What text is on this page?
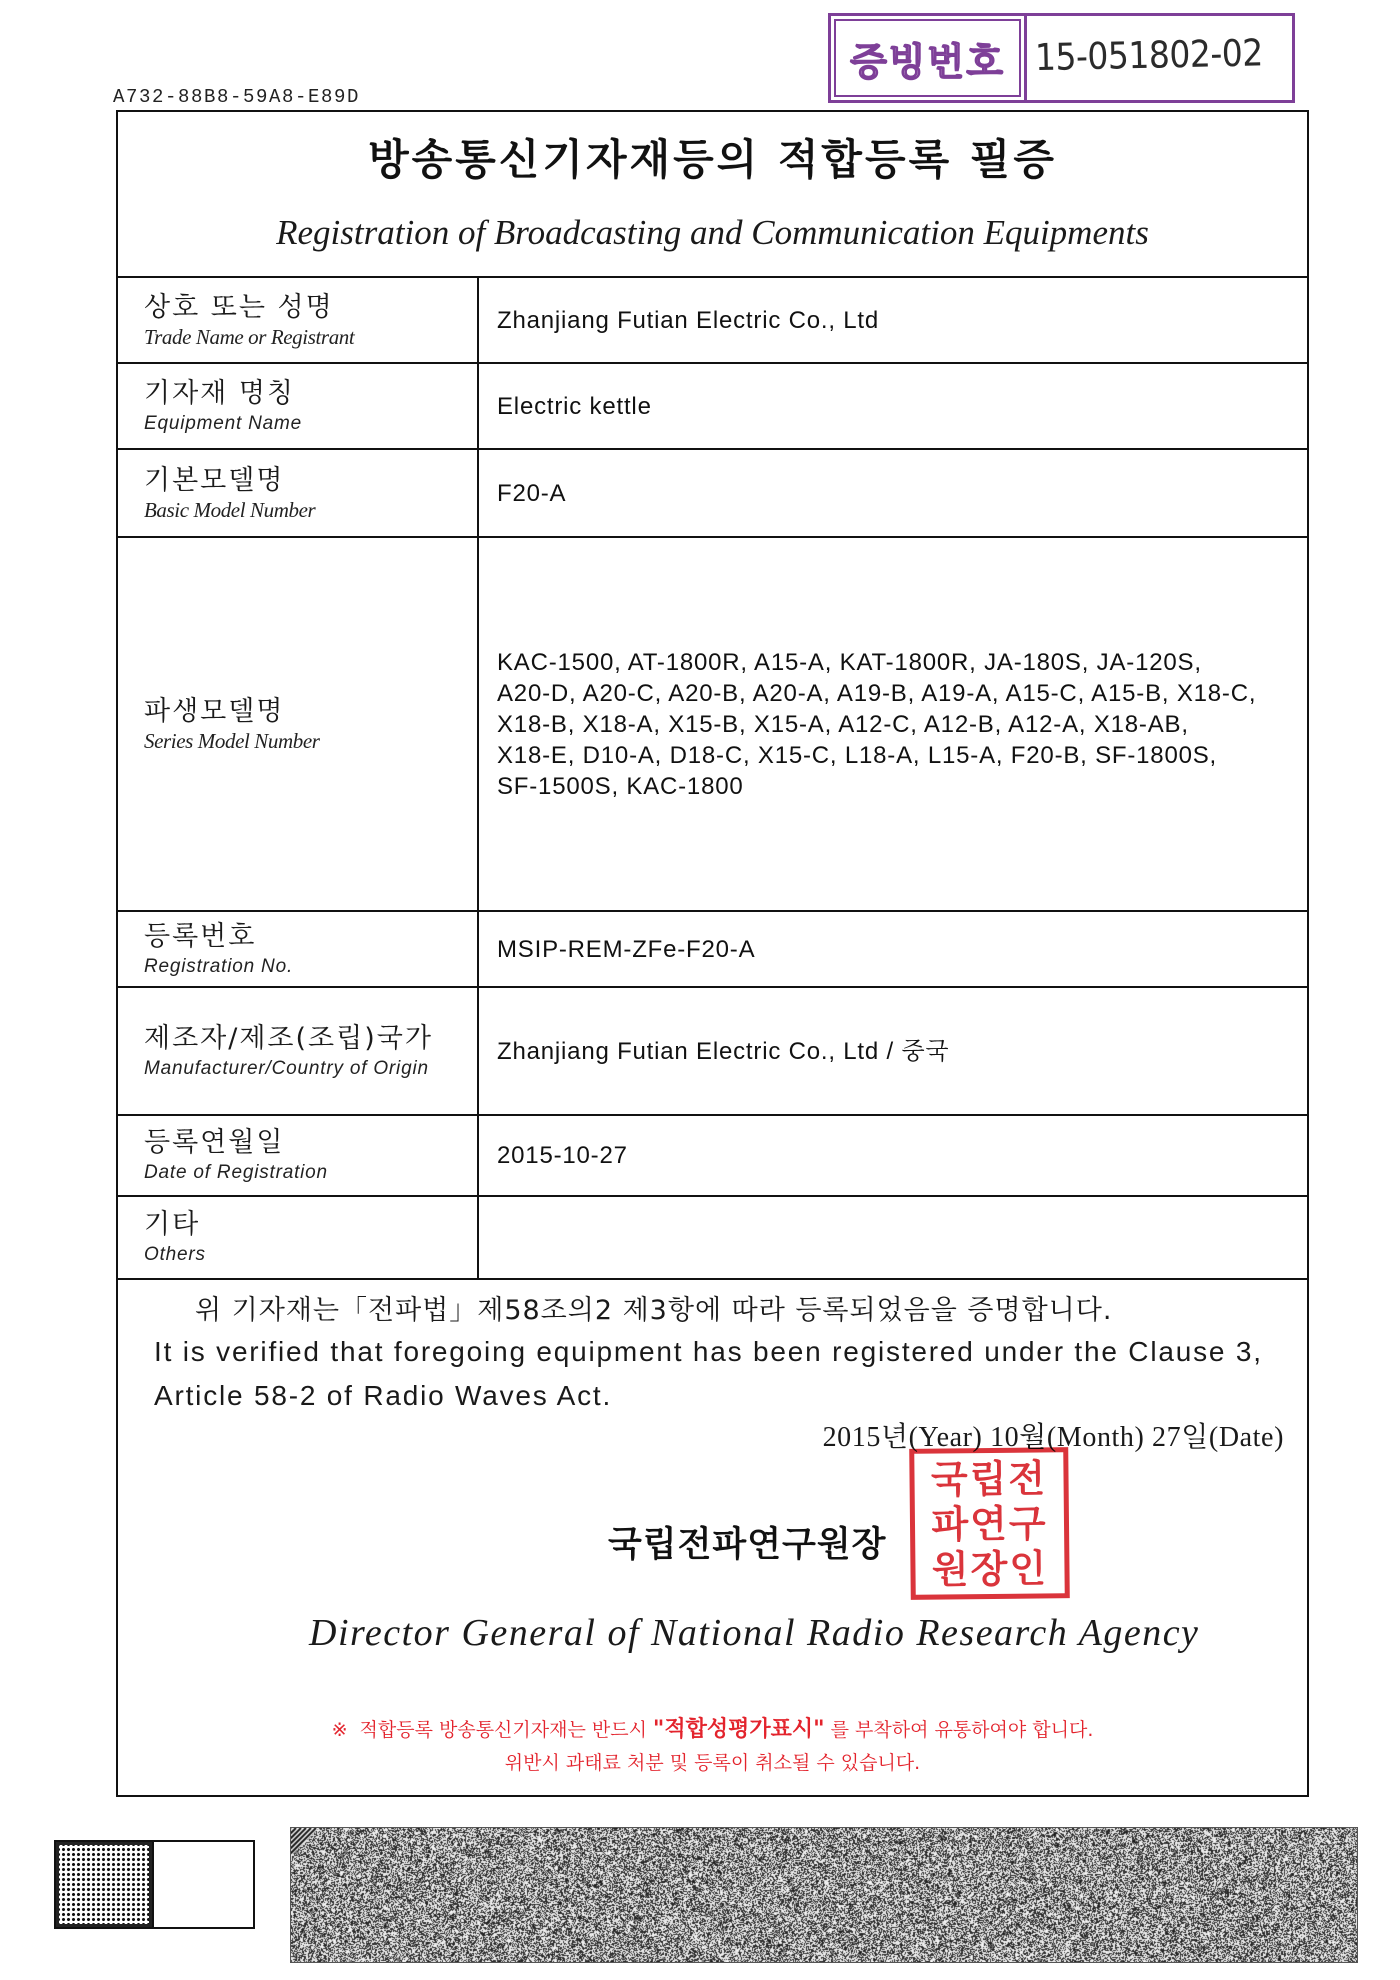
A732-88B8-59A8-E89D
증빙번호 15-051802-02
방송통신기자재등의 적합등록 필증
Registration of Broadcasting and Communication Equipments
상호 또는 성명
Trade Name or Registrant
Zhanjiang Futian Electric Co., Ltd
기자재 명칭
Equipment Name
Electric kettle
기본모델명
Basic Model Number
F20-A
파생모델명
Series Model Number
KAC-1500, AT-1800R, A15-A, KAT-1800R, JA-180S, JA-120S,
A20-D, A20-C, A20-B, A20-A, A19-B, A19-A, A15-C, A15-B, X18-C,
X18-B, X18-A, X15-B, X15-A, A12-C, A12-B, A12-A, X18-AB,
X18-E, D10-A, D18-C, X15-C, L18-A, L15-A, F20-B, SF-1800S,
SF-1500S, KAC-1800
등록번호
Registration No.
MSIP-REM-ZFe-F20-A
제조자/제조(조립)국가
Manufacturer/Country of Origin
Zhanjiang Futian Electric Co., Ltd / 중국
등록연월일
Date of Registration
2015-10-27
기타
Others
위 기자재는「전파법」제58조의2 제3항에 따라 등록되었음을 증명합니다.
It is verified that foregoing equipment has been registered under the Clause 3,
Article 58-2 of Radio Waves Act.
2015년(Year) 10월(Month) 27일(Date)
국립전파연구원장
국립전
파연구
원장인
Director General of National Radio Research Agency
※ 적합등록 방송통신기자재는 반드시 "적합성평가표시" 를 부착하여 유통하여야 합니다.
위반시 과태료 처분 및 등록이 취소될 수 있습니다.
